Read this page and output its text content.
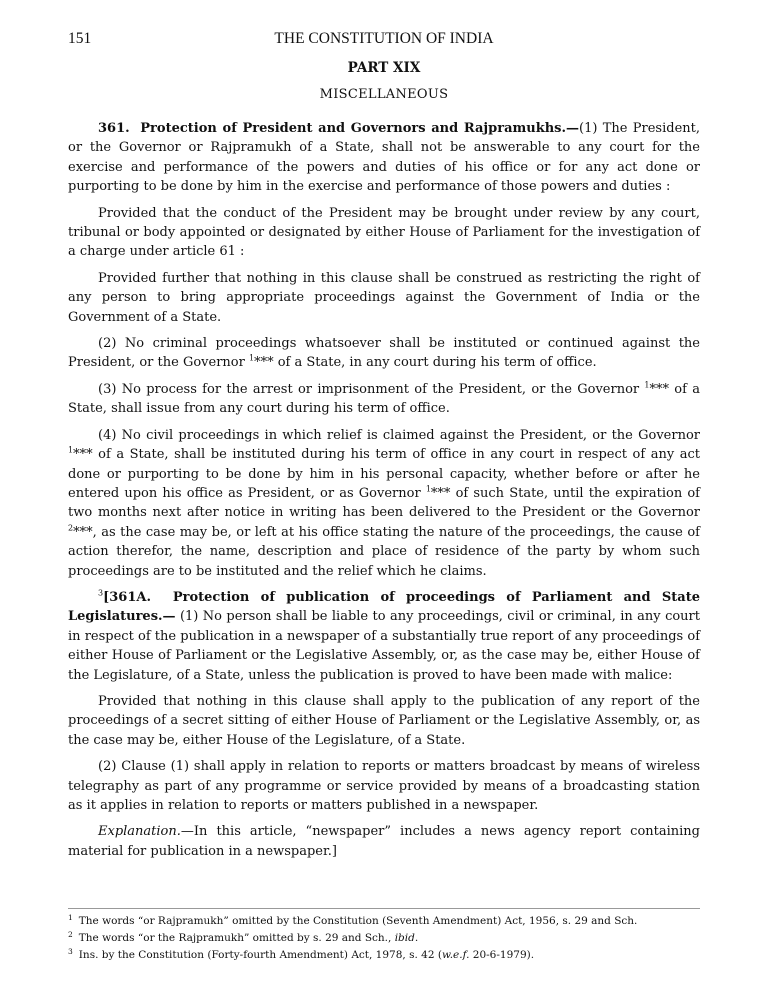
151	THE CONSTITUTION OF INDIA
PART XIX
MISCELLANEOUS

361. Protection of President and Governors and Rajpramukhs.—(1) The President, or the Governor or Rajpramukh of a State, shall not be answerable to any court for the exercise and performance of the powers and duties of his office or for any act done or purporting to be done by him in the exercise and performance of those powers and duties :

Provided that the conduct of the President may be brought under review by any court, tribunal or body appointed or designated by either House of Parliament for the investigation of a charge under article 61 :

Provided further that nothing in this clause shall be construed as restricting the right of any person to bring appropriate proceedings against the Government of India or the Government of a State.

(2) No criminal proceedings whatsoever shall be instituted or continued against the President, or the Governor $^1$*** of a State, in any court during his term of office.

(3) No process for the arrest or imprisonment of the President, or the Governor $^1$*** of a State, shall issue from any court during his term of office.

(4) No civil proceedings in which relief is claimed against the President, or the Governor $^1$*** of a State, shall be instituted during his term of office in any court in respect of any act done or purporting to be done by him in his personal capacity, whether before or after he entered upon his office as President, or as Governor $^1$*** of such State, until the expiration of two months next after notice in writing has been delivered to the President or the Governor $^2$***, as the case may be, or left at his office stating the nature of the proceedings, the cause of action therefor, the name, description and place of residence of the party by whom such proceedings are to be instituted and the relief which he claims.

$^3$[361A. Protection of publication of proceedings of Parliament and State Legislatures.— (1) No person shall be liable to any proceedings, civil or criminal, in any court in respect of the publication in a newspaper of a substantially true report of any proceedings of either House of Parliament or the Legislative Assembly, or, as the case may be, either House of the Legislature, of a State, unless the publication is proved to have been made with malice:

Provided that nothing in this clause shall apply to the publication of any report of the proceedings of a secret sitting of either House of Parliament or the Legislative Assembly, or, as the case may be, either House of the Legislature, of a State.

(2) Clause (1) shall apply in relation to reports or matters broadcast by means of wireless telegraphy as part of any programme or service provided by means of a broadcasting station as it applies in relation to reports or matters published in a newspaper.

Explanation.—In this article, “newspaper” includes a news agency report containing material for publication in a newspaper.]

$^1$ The words “or Rajpramukh” omitted by the Constitution (Seventh Amendment) Act, 1956, s. 29 and Sch.
$^2$ The words “or the Rajpramukh” omitted by s. 29 and Sch., ibid.
$^3$ Ins. by the Constitution (Forty-fourth Amendment) Act, 1978, s. 42 (w.e.f. 20-6-1979).
